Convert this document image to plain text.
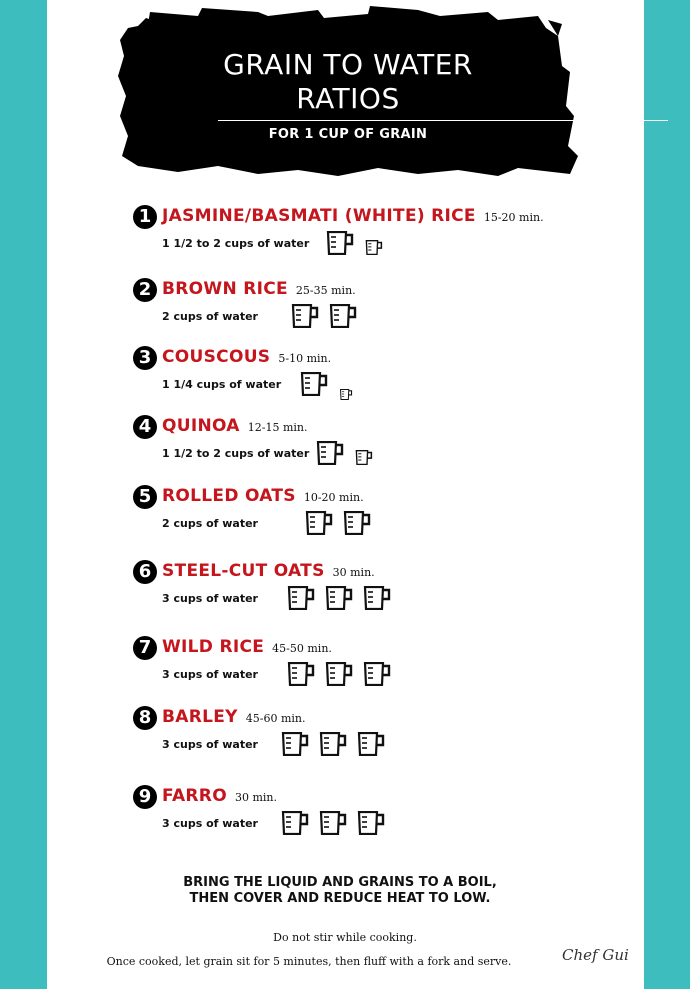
GRAIN TO WATER
RATIOS
FOR 1 CUP OF GRAIN
1 JASMINE/BASMATI (WHITE) RICE 15-20 min.
1 1/2 to 2 cups of water
2 BROWN RICE 25-35 min.
2 cups of water
3 COUSCOUS 5-10 min.
1 1/4 cups of water
4 QUINOA 12-15 min.
1 1/2 to 2 cups of water
5 ROLLED OATS 10-20 min.
2 cups of water
6 STEEL-CUT OATS 30 min.
3 cups of water
7 WILD RICE 45-50 min.
3 cups of water
8 BARLEY 45-60 min.
3 cups of water
9 FARRO 30 min.
3 cups of water
BRING THE LIQUID AND GRAINS TO A BOIL, THEN COVER AND REDUCE HEAT TO LOW.
Do not stir while cooking.
Once cooked, let grain sit for 5 minutes, then fluff with a fork and serve.	Chef Gui
